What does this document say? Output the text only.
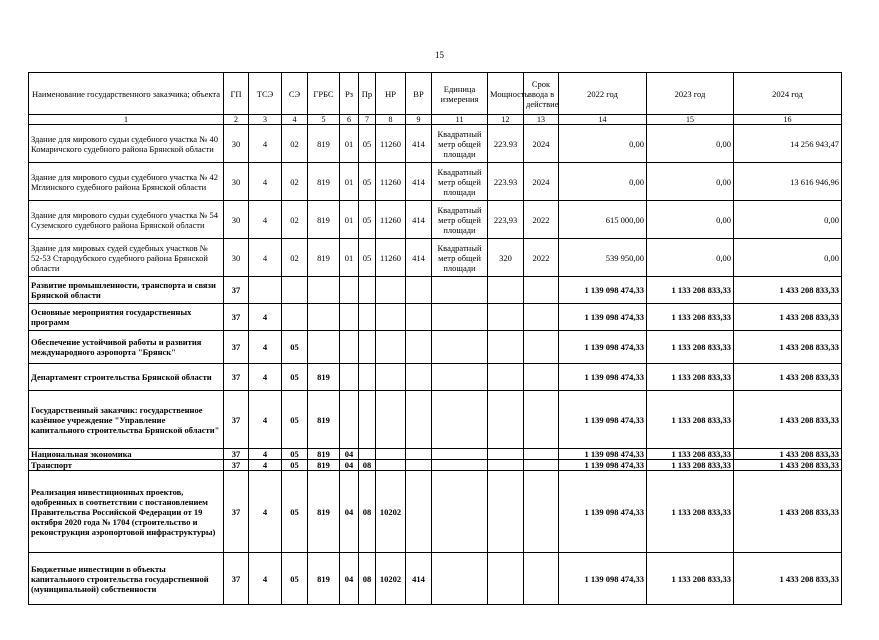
15
Наименование государственного заказчика; объекта	ГП	ТСЭ	СЭ	ГРБС	Рз	Пр	НР	ВР	Единица измерения	Мощность	Срок ввода в действие	2022 год	2023 год	2024 год
1	2	3	4	5	6	7	8	9	11	12	13	14	15	16
Здание для мирового судьи судебного участка № 40 Комаричского судебного района Брянской области	30	4	02	819	01	05	11260	414	Квадратный метр общей площади	223.93	2024	0,00	0,00	14 256 943,47
Здание для мирового судьи судебного участка № 42 Мглинского судебного района Брянской области	30	4	02	819	01	05	11260	414	Квадратный метр общей площади	223.93	2024	0,00	0,00	13 616 946,96
Здание для мирового судьи судебного участка № 54 Суземского судебного района Брянской области	30	4	02	819	01	05	11260	414	Квадратный метр общей площади	223,93	2022	615 000,00	0,00	0,00
Здание для мировых судей судебных участков № 52-53 Стародубского судебного района Брянской области	30	4	02	819	01	05	11260	414	Квадратный метр общей площади	320	2022	539 950,00	0,00	0,00
Развитие промышленности, транспорта и связи Брянской области	37											1 139 098 474,33	1 133 208 833,33	1 433 208 833,33
Основные мероприятия государственных программ	37	4										1 139 098 474,33	1 133 208 833,33	1 433 208 833,33
Обеспечение устойчивой работы и развития международного аэропорта "Брянск"	37	4	05									1 139 098 474,33	1 133 208 833,33	1 433 208 833,33
Департамент строительства Брянской области	37	4	05	819								1 139 098 474,33	1 133 208 833,33	1 433 208 833,33
Государственный заказчик: государственное казённое учреждение "Управление капитального строительства Брянской области"	37	4	05	819								1 139 098 474,33	1 133 208 833,33	1 433 208 833,33
Национальная экономика	37	4	05	819	04							1 139 098 474,33	1 133 208 833,33	1 433 208 833,33
Транспорт	37	4	05	819	04	08						1 139 098 474,33	1 133 208 833,33	1 433 208 833,33
Реализация инвестиционных проектов, одобренных в соответствии с постановлением Правительства Российской Федерации от 19 октября 2020 года № 1704 (строительство и реконструкция аэропортовой инфраструктуры)	37	4	05	819	04	08	10202					1 139 098 474,33	1 133 208 833,33	1 433 208 833,33
Бюджетные инвестиции в объекты капитального строительства государственной (муниципальной) собственности	37	4	05	819	04	08	10202	414				1 139 098 474,33	1 133 208 833,33	1 433 208 833,33
